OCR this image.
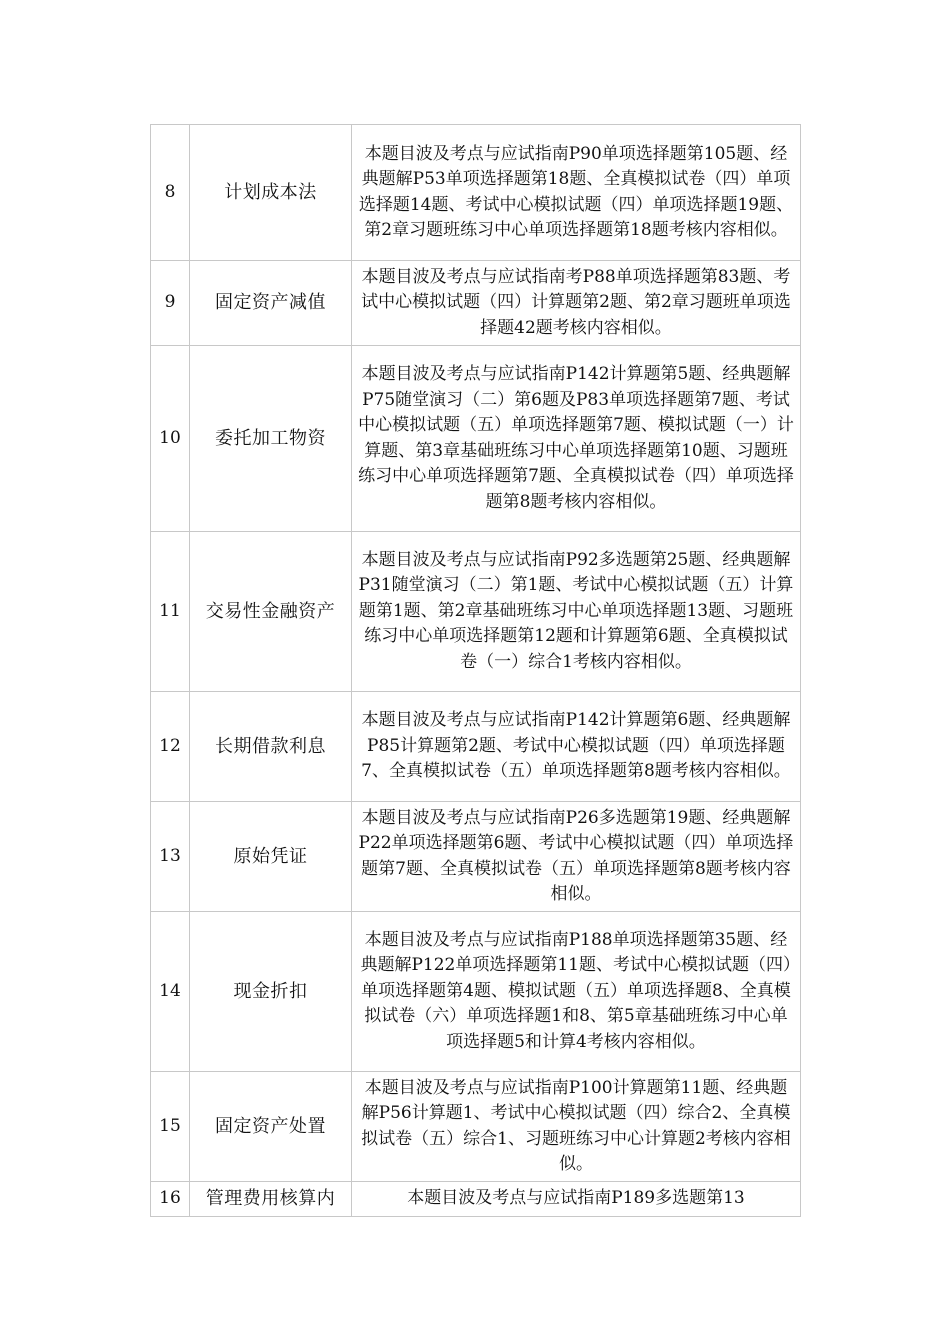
8	计划成本法	本题目波及考点与应试指南P90单项选择题第105题、经典题解P53单项选择题第18题、全真模拟试卷（四）单项选择题14题、考试中心模拟试题（四）单项选择题19题、第2章习题班练习中心单项选择题第18题考核内容相似。
9	固定资产减值	本题目波及考点与应试指南考P88单项选择题第83题、考试中心模拟试题（四）计算题第2题、第2章习题班单项选择题42题考核内容相似。
10	委托加工物资	本题目波及考点与应试指南P142计算题第5题、经典题解P75随堂演习（二）第6题及P83单项选择题第7题、考试中心模拟试题（五）单项选择题第7题、模拟试题（一）计算题、第3章基础班练习中心单项选择题第10题、习题班练习中心单项选择题第7题、全真模拟试卷（四）单项选择题第8题考核内容相似。
11	交易性金融资产	本题目波及考点与应试指南P92多选题第25题、经典题解P31随堂演习（二）第1题、考试中心模拟试题（五）计算题第1题、第2章基础班练习中心单项选择题13题、习题班练习中心单项选择题第12题和计算题第6题、全真模拟试卷（一）综合1考核内容相似。
12	长期借款利息	本题目波及考点与应试指南P142计算题第6题、经典题解P85计算题第2题、考试中心模拟试题（四）单项选择题7、全真模拟试卷（五）单项选择题第8题考核内容相似。
13	原始凭证	本题目波及考点与应试指南P26多选题第19题、经典题解P22单项选择题第6题、考试中心模拟试题（四）单项选择题第7题、全真模拟试卷（五）单项选择题第8题考核内容相似。
14	现金折扣	本题目波及考点与应试指南P188单项选择题第35题、经典题解P122单项选择题第11题、考试中心模拟试题（四）单项选择题第4题、模拟试题（五）单项选择题8、全真模拟试卷（六）单项选择题1和8、第5章基础班练习中心单项选择题5和计算4考核内容相似。
15	固定资产处置	本题目波及考点与应试指南P100计算题第11题、经典题解P56计算题1、考试中心模拟试题（四）综合2、全真模拟试卷（五）综合1、习题班练习中心计算题2考核内容相似。
16	管理费用核算内	本题目波及考点与应试指南P189多选题第13
